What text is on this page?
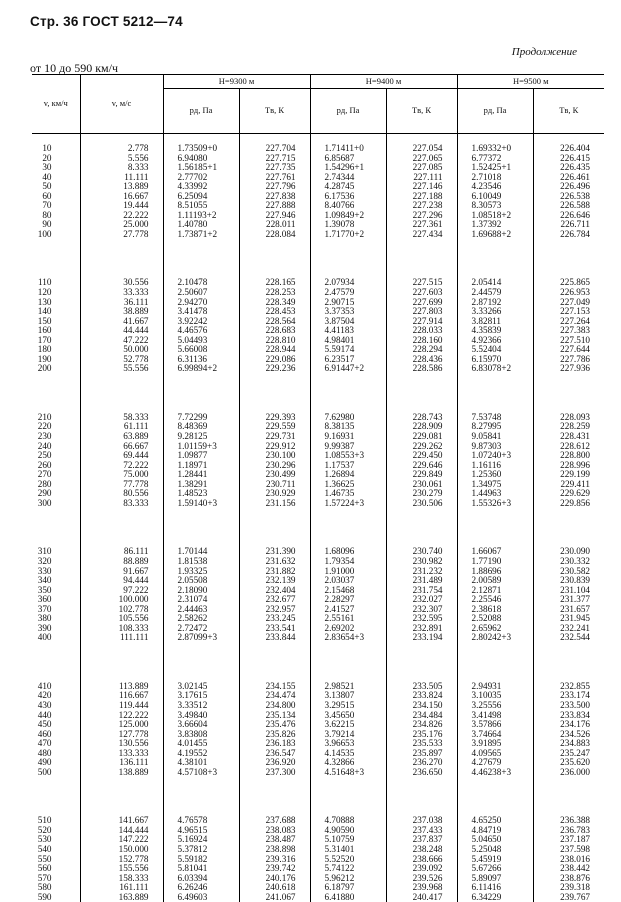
Стр. 36 ГОСТ 5212—74
Продолжение
от 10 до 590 км/ч
v, км/ч	v, м/с	H=9300 м		H=9400 м		H=9500 м	
		pд, Па	Tв, К	pд, Па	Tв, К	pд, Па	Tв, К
10	2.778	1.73509+0	227.704	1.71411+0	227.054	1.69332+0	226.404
20	5.556	6.94080	227.715	6.85687	227.065	6.77372	226.415
30	8.333	1.56185+1	227.735	1.54296+1	227.085	1.52425+1	226.435
40	11.111	2.77702	227.761	2.74344	227.111	2.71018	226.461
50	13.889	4.33992	227.796	4.28745	227.146	4.23546	226.496
60	16.667	6.25094	227.838	6.17536	227.188	6.10049	226.538
70	19.444	8.51055	227.888	8.40766	227.238	8.30573	226.588
80	22.222	1.11193+2	227.946	1.09849+2	227.296	1.08518+2	226.646
90	25.000	1.40780	228.011	1.39078	227.361	1.37392	226.711
100	27.778	1.73871+2	228.084	1.71770+2	227.434	1.69688+2	226.784
110	30.556	2.10478	228.165	2.07934	227.515	2.05414	225.865
120	33.333	2.50607	228.253	2.47579	227.603	2.44579	226.953
130	36.111	2.94270	228.349	2.90715	227.699	2.87192	227.049
140	38.889	3.41478	228.453	3.37353	227.803	3.33266	227.153
150	41.667	3.92242	228.564	3.87504	227.914	3.82811	227.264
160	44.444	4.46576	228.683	4.41183	228.033	4.35839	227.383
170	47.222	5.04493	228.810	4.98401	228.160	4.92366	227.510
180	50.000	5.66008	228.944	5.59174	228.294	5.52404	227.644
190	52.778	6.31136	229.086	6.23517	228.436	6.15970	227.786
200	55.556	6.99894+2	229.236	6.91447+2	228.586	6.83078+2	227.936
210	58.333	7.72299	229.393	7.62980	228.743	7.53748	228.093
220	61.111	8.48369	229.559	8.38135	228.909	8.27995	228.259
230	63.889	9.28125	229.731	9.16931	229.081	9.05841	228.431
240	66.667	1.01159+3	229.912	9.99387	229.262	9.87303	228.612
250	69.444	1.09877	230.100	1.08553+3	229.450	1.07240+3	228.800
260	72.222	1.18971	230.296	1.17537	229.646	1.16116	228.996
270	75.000	1.28441	230.499	1.26894	229.849	1.25360	229.199
280	77.778	1.38291	230.711	1.36625	230.061	1.34975	229.411
290	80.556	1.48523	230.929	1.46735	230.279	1.44963	229.629
300	83.333	1.59140+3	231.156	1.57224+3	230.506	1.55326+3	229.856
310	86.111	1.70144	231.390	1.68096	230.740	1.66067	230.090
320	88.889	1.81538	231.632	1.79354	230.982	1.77190	230.332
330	91.667	1.93325	231.882	1.91000	231.232	1.88696	230.582
340	94.444	2.05508	232.139	2.03037	231.489	2.00589	230.839
350	97.222	2.18090	232.404	2.15468	231.754	2.12871	231.104
360	100.000	2.31074	232.677	2.28297	232.027	2.25546	231.377
370	102.778	2.44463	232.957	2.41527	232.307	2.38618	231.657
380	105.556	2.58262	233.245	2.55161	232.595	2.52088	231.945
390	108.333	2.72472	233.541	2.69202	232.891	2.65962	232.241
400	111.111	2.87099+3	233.844	2.83654+3	233.194	2.80242+3	232.544
410	113.889	3.02145	234.155	2.98521	233.505	2.94931	232.855
420	116.667	3.17615	234.474	3.13807	233.824	3.10035	233.174
430	119.444	3.33512	234.800	3.29515	234.150	3.25556	233.500
440	122.222	3.49840	235.134	3.45650	234.484	3.41498	233.834
450	125.000	3.66604	235.476	3.62215	234.826	3.57866	234.176
460	127.778	3.83808	235.826	3.79214	235.176	3.74664	234.526
470	130.556	4.01455	236.183	3.96653	235.533	3.91895	234.883
480	133.333	4.19552	236.547	4.14535	235.897	4.09565	235.247
490	136.111	4.38101	236.920	4.32866	236.270	4.27679	235.620
500	138.889	4.57108+3	237.300	4.51648+3	236.650	4.46238+3	236.000
510	141.667	4.76578	237.688	4.70888	237.038	4.65250	236.388
520	144.444	4.96515	238.083	4.90590	237.433	4.84719	236.783
530	147.222	5.16924	238.487	5.10759	237.837	5.04650	237.187
540	150.000	5.37812	238.898	5.31401	238.248	5.25048	237.598
550	152.778	5.59182	239.316	5.52520	238.666	5.45919	238.016
560	155.556	5.81041	239.742	5.74122	239.092	5.67266	238.442
570	158.333	6.03394	240.176	5.96212	239.526	5.89097	238.876
580	161.111	6.26246	240.618	6.18797	239.968	6.11416	239.318
590	163.889	6.49603	241.067	6.41880	240.417	6.34229	239.767
